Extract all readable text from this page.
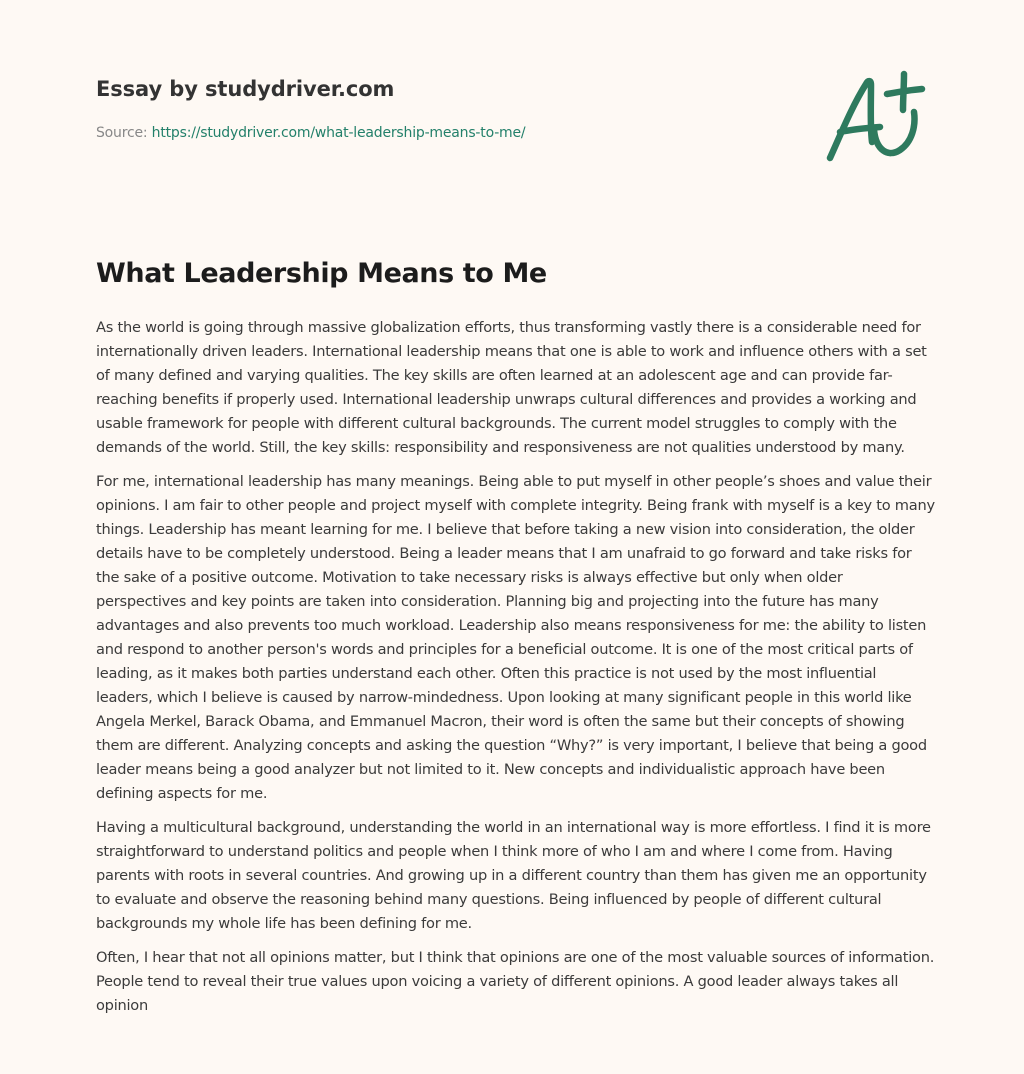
Essay by studydriver.com
Source: https://studydriver.com/what-leadership-means-to-me/
What Leadership Means to Me

As the world is going through massive globalization efforts, thus transforming vastly there is a considerable need for internationally driven leaders. International leadership means that one is able to work and influence others with a set of many defined and varying qualities. The key skills are often learned at an adolescent age and can provide far-reaching benefits if properly used. International leadership unwraps cultural differences and provides a working and usable framework for people with different cultural backgrounds. The current model struggles to comply with the demands of the world. Still, the key skills: responsibility and responsiveness are not qualities understood by many.

For me, international leadership has many meanings. Being able to put myself in other people’s shoes and value their opinions. I am fair to other people and project myself with complete integrity. Being frank with myself is a key to many things. Leadership has meant learning for me. I believe that before taking a new vision into consideration, the older details have to be completely understood. Being a leader means that I am unafraid to go forward and take risks for the sake of a positive outcome. Motivation to take necessary risks is always effective but only when older perspectives and key points are taken into consideration. Planning big and projecting into the future has many advantages and also prevents too much workload. Leadership also means responsiveness for me: the ability to listen and respond to another person's words and principles for a beneficial outcome. It is one of the most critical parts of leading, as it makes both parties understand each other. Often this practice is not used by the most influential leaders, which I believe is caused by narrow-mindedness. Upon looking at many significant people in this world like Angela Merkel, Barack Obama, and Emmanuel Macron, their word is often the same but their concepts of showing them are different. Analyzing concepts and asking the question “Why?” is very important, I believe that being a good leader means being a good analyzer but not limited to it. New concepts and individualistic approach have been defining aspects for me.

Having a multicultural background, understanding the world in an international way is more effortless. I find it is more straightforward to understand politics and people when I think more of who I am and where I come from. Having parents with roots in several countries. And growing up in a different country than them has given me an opportunity to evaluate and observe the reasoning behind many questions. Being influenced by people of different cultural backgrounds my whole life has been defining for me.

Often, I hear that not all opinions matter, but I think that opinions are one of the most valuable sources of information. People tend to reveal their true values upon voicing a variety of different opinions. A good leader always takes all opinion
